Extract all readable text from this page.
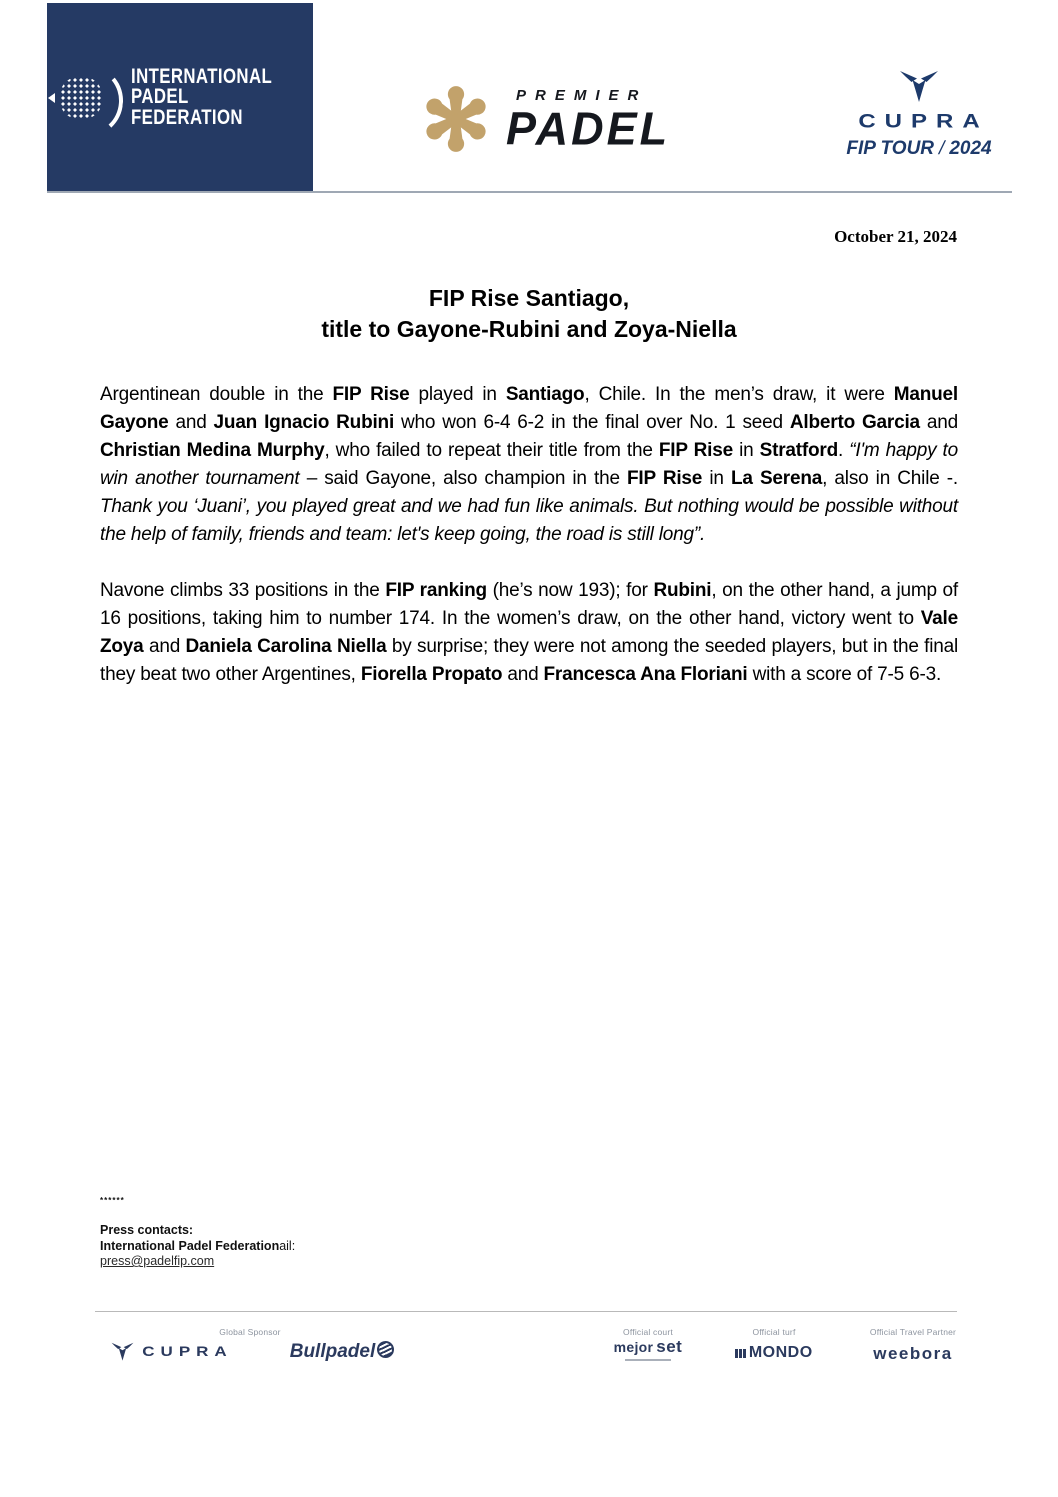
INTERNATIONAL
PADEL
FEDERATION
PREMIER
PADEL	CUPRA
FIP TOUR / 2024
October 21, 2024
FIP Rise Santiago,
title to Gayone-Rubini and Zoya-Niella

Argentinean double in the FIP Rise played in Santiago, Chile. In the men’s draw, it were Manuel Gayone and Juan Ignacio Rubini who won 6-4 6-2 in the final over No. 1 seed Alberto Garcia and Christian Medina Murphy, who failed to repeat their title from the FIP Rise in Stratford. “I'm happy to win another tournament – said Gayone, also champion in the FIP Rise in La Serena, also in Chile -. Thank you ‘Juani’, you played great and we had fun like animals. But nothing would be possible without the help of family, friends and team: let's keep going, the road is still long”.

Navone climbs 33 positions in the FIP ranking (he’s now 193); for Rubini, on the other hand, a jump of 16 positions, taking him to number 174. In the women’s draw, on the other hand, victory went to Vale Zoya and Daniela Carolina Niella by surprise; they were not among the seeded players, but in the final they beat two other Argentines, Fiorella Propato and Francesca Ana Floriani with a score of 7-5 6-3.

******
Press contacts:
International Padel Federationail:
press@padelfip.com
Global Sponsor
CUPRA	Bullpadel
Official court
mejor set
Official turf
MONDO
Official Travel Partner
weebora
